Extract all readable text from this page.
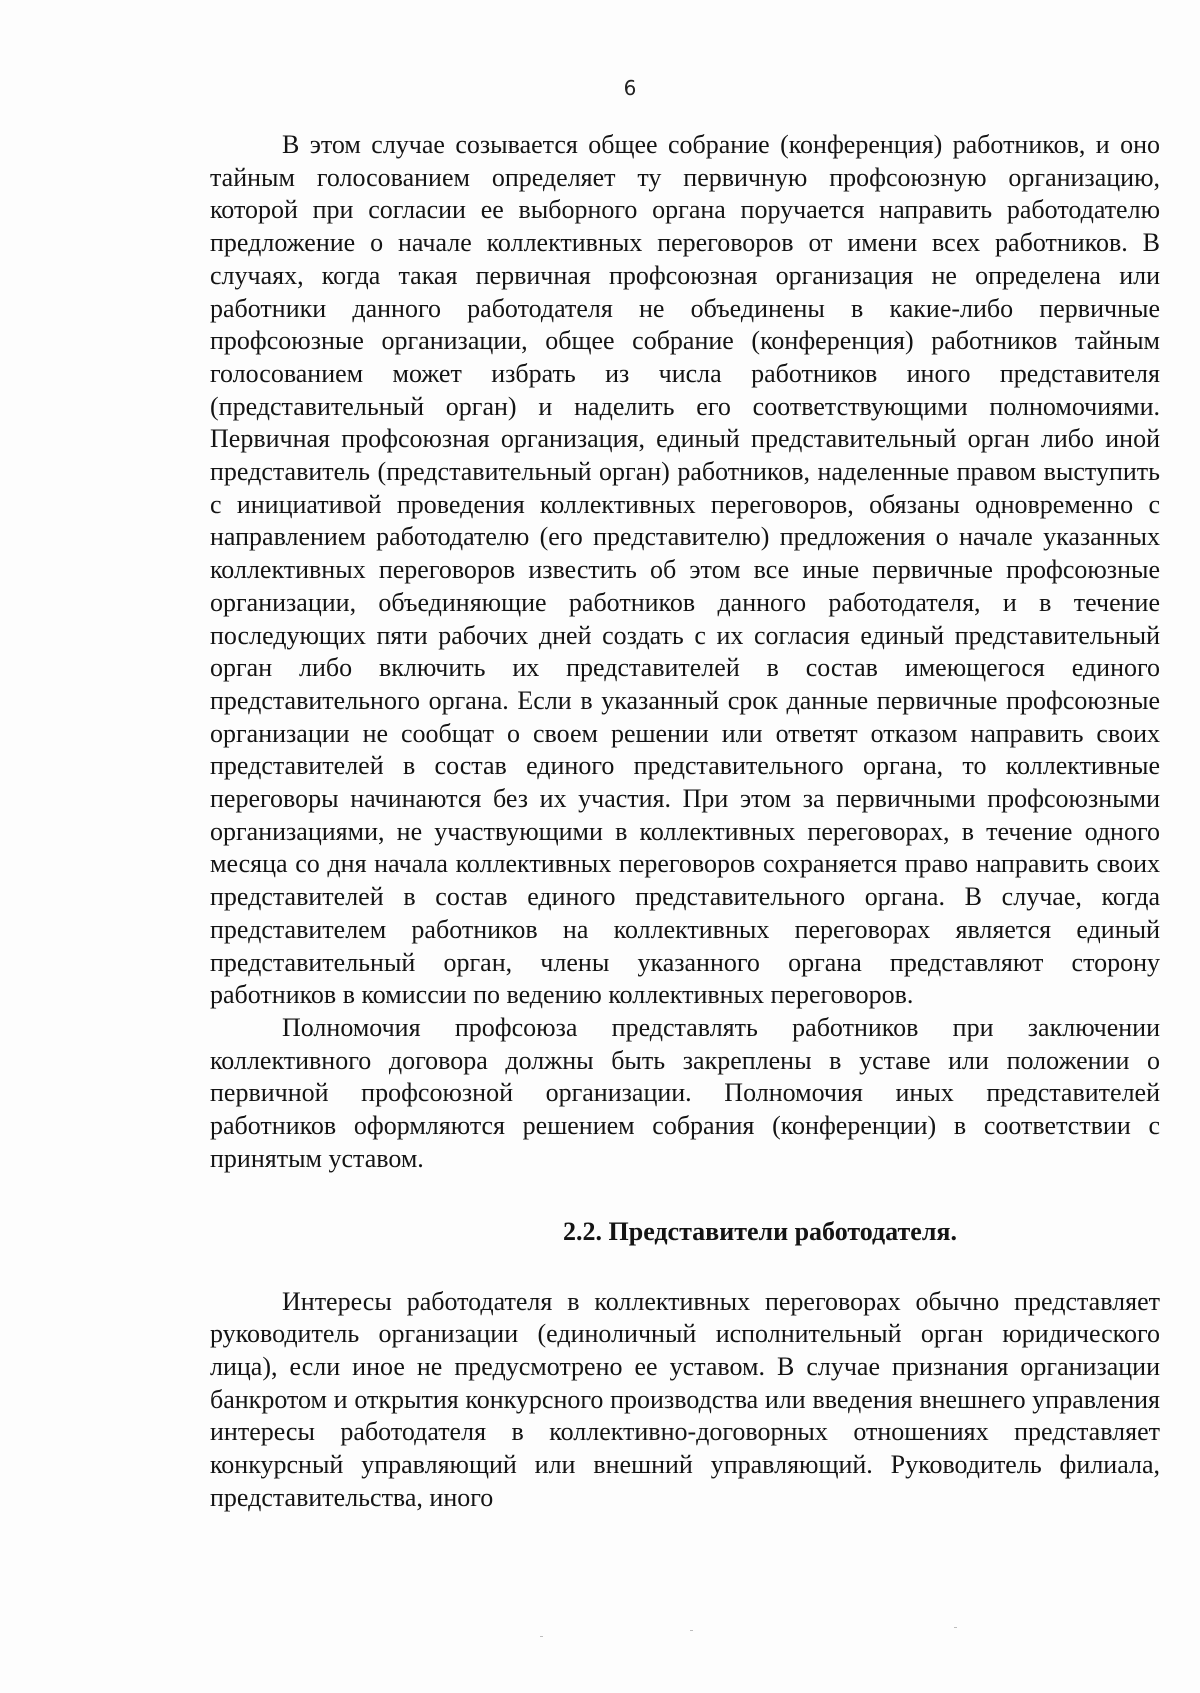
6

В этом случае созывается общее собрание (конференция) работников, и оно тайным голосованием определяет ту первичную профсоюзную организацию, которой при согласии ее выборного органа поручается направить работодателю предложение о начале коллективных переговоров от имени всех работников. В случаях, когда такая первичная профсоюзная организация не определена или работники данного работодателя не объединены в какие-либо первичные профсоюзные организации, общее собрание (конференция) работников тайным голосованием может избрать из числа работников иного представителя (представительный орган) и наделить его соответствующими полномочиями. Первичная профсоюзная организация, единый представительный орган либо иной представитель (представительный орган) работников, наделенные правом выступить с инициативой проведения коллективных переговоров, обязаны одновременно с направлением работодателю (его представителю) предложения о начале указанных коллективных переговоров известить об этом все иные первичные профсоюзные организации, объединяющие работников данного работодателя, и в течение последующих пяти рабочих дней создать с их согласия единый представительный орган либо включить их представителей в состав имеющегося единого представительного органа. Если в указанный срок данные первичные профсоюзные организации не сообщат о своем решении или ответят отказом направить своих представителей в состав единого представительного органа, то коллективные переговоры начинаются без их участия. При этом за первичными профсоюзными организациями, не участвующими в коллективных переговорах, в течение одного месяца со дня начала коллективных переговоров сохраняется право направить своих представителей в состав единого представительного органа. В случае, когда представителем работников на коллективных переговорах является единый представительный орган, члены указанного органа представляют сторону работников в комиссии по ведению коллективных переговоров.

Полномочия профсоюза представлять работников при заключении коллективного договора должны быть закреплены в уставе или положении о первичной профсоюзной организации. Полномочия иных представителей работников оформляются решением собрания (конференции) в соответствии с принятым уставом.

2.2. Представители работодателя.

Интересы работодателя в коллективных переговорах обычно представляет руководитель организации (единоличный исполнительный орган юридического лица), если иное не предусмотрено ее уставом. В случае признания организации банкротом и открытия конкурсного производства или введения внешнего управления интересы работодателя в коллективно-договорных отношениях представляет конкурсный управляющий или внешний управляющий. Руководитель филиала, представительства, иного
